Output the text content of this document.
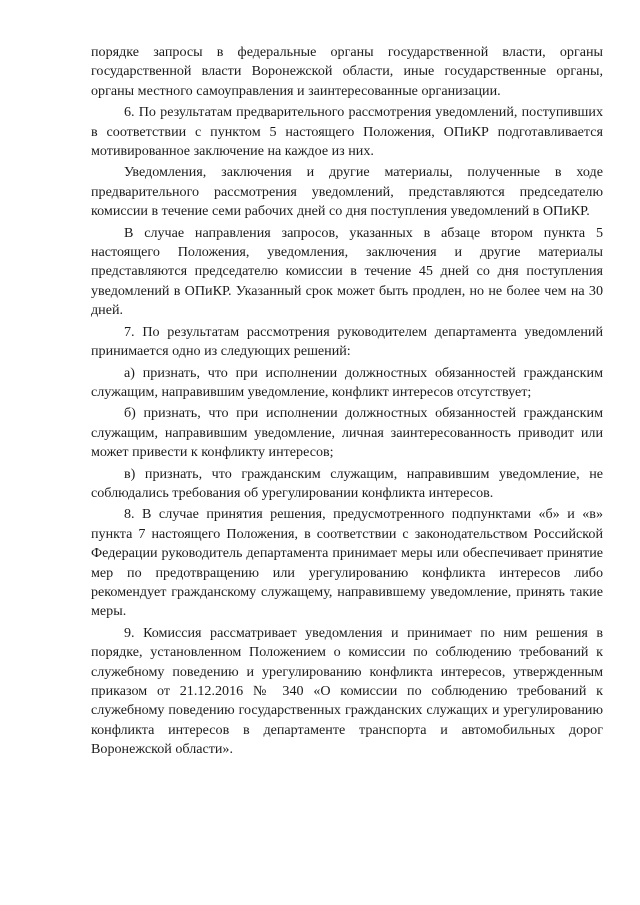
порядке запросы в федеральные органы государственной власти, органы государственной власти Воронежской области, иные государственные органы, органы местного самоуправления и заинтересованные организации.

6. По результатам предварительного рассмотрения уведомлений, поступивших в соответствии с пунктом 5 настоящего Положения, ОПиКР подготавливается мотивированное заключение на каждое из них.

Уведомления, заключения и другие материалы, полученные в ходе предварительного рассмотрения уведомлений, представляются председателю комиссии в течение семи рабочих дней со дня поступления уведомлений в ОПиКР.

В случае направления запросов, указанных в абзаце втором пункта 5 настоящего Положения, уведомления, заключения и другие материалы представляются председателю комиссии в течение 45 дней со дня поступления уведомлений в ОПиКР. Указанный срок может быть продлен, но не более чем на 30 дней.

7. По результатам рассмотрения руководителем департамента уведомлений принимается одно из следующих решений:

а) признать, что при исполнении должностных обязанностей гражданским служащим, направившим уведомление, конфликт интересов отсутствует;

б) признать, что при исполнении должностных обязанностей гражданским служащим, направившим уведомление, личная заинтересованность приводит или может привести к конфликту интересов;

в) признать, что гражданским служащим, направившим уведомление, не соблюдались требования об урегулировании конфликта интересов.

8. В случае принятия решения, предусмотренного подпунктами «б» и «в» пункта 7 настоящего Положения, в соответствии с законодательством Российской Федерации руководитель департамента принимает меры или обеспечивает принятие мер по предотвращению или урегулированию конфликта интересов либо рекомендует гражданскому служащему, направившему уведомление, принять такие меры.

9. Комиссия рассматривает уведомления и принимает по ним решения в порядке, установленном Положением о комиссии по соблюдению требований к служебному поведению и урегулированию конфликта интересов, утвержденным приказом от 21.12.2016 № 340 «О комиссии по соблюдению требований к служебному поведению государственных гражданских служащих и урегулированию конфликта интересов в департаменте транспорта и автомобильных дорог Воронежской области».
